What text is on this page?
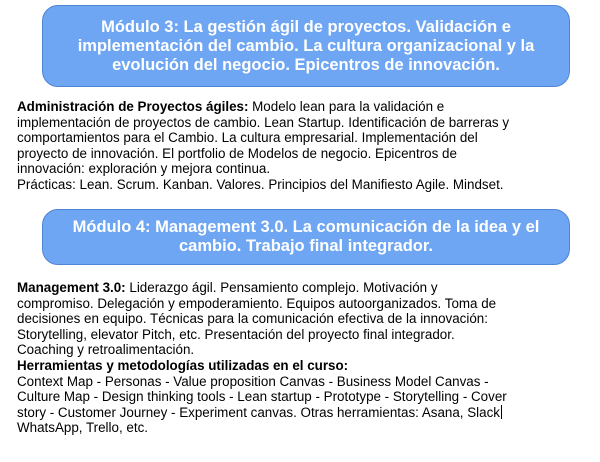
Módulo 3: La gestión ágil de proyectos. Validación e
implementación del cambio. La cultura organizacional y la
evolución del negocio. Epicentros de innovación.
Administración de Proyectos ágiles: Modelo lean para la validación e
implementación de proyectos de cambio. Lean Startup. Identificación de barreras y
comportamientos para el Cambio. La cultura empresarial. Implementación del
proyecto de innovación. El portfolio de Modelos de negocio. Epicentros de
innovación: exploración y mejora continua.
Prácticas: Lean. Scrum. Kanban. Valores. Principios del Manifiesto Agile. Mindset.
Módulo 4: Management 3.0. La comunicación de la idea y el
cambio. Trabajo final integrador.
Management 3.0: Liderazgo ágil. Pensamiento complejo. Motivación y
compromiso. Delegación y empoderamiento. Equipos autoorganizados. Toma de
decisiones en equipo. Técnicas para la comunicación efectiva de la innovación:
Storytelling, elevator Pitch, etc. Presentación del proyecto final integrador.
Coaching y retroalimentación.
Herramientas y metodologías utilizadas en el curso:
Context Map - Personas - Value proposition Canvas - Business Model Canvas -
Culture Map - Design thinking tools - Lean startup - Prototype - Storytelling - Cover
story - Customer Journey - Experiment canvas. Otras herramientas: Asana, Slack
WhatsApp, Trello, etc.
